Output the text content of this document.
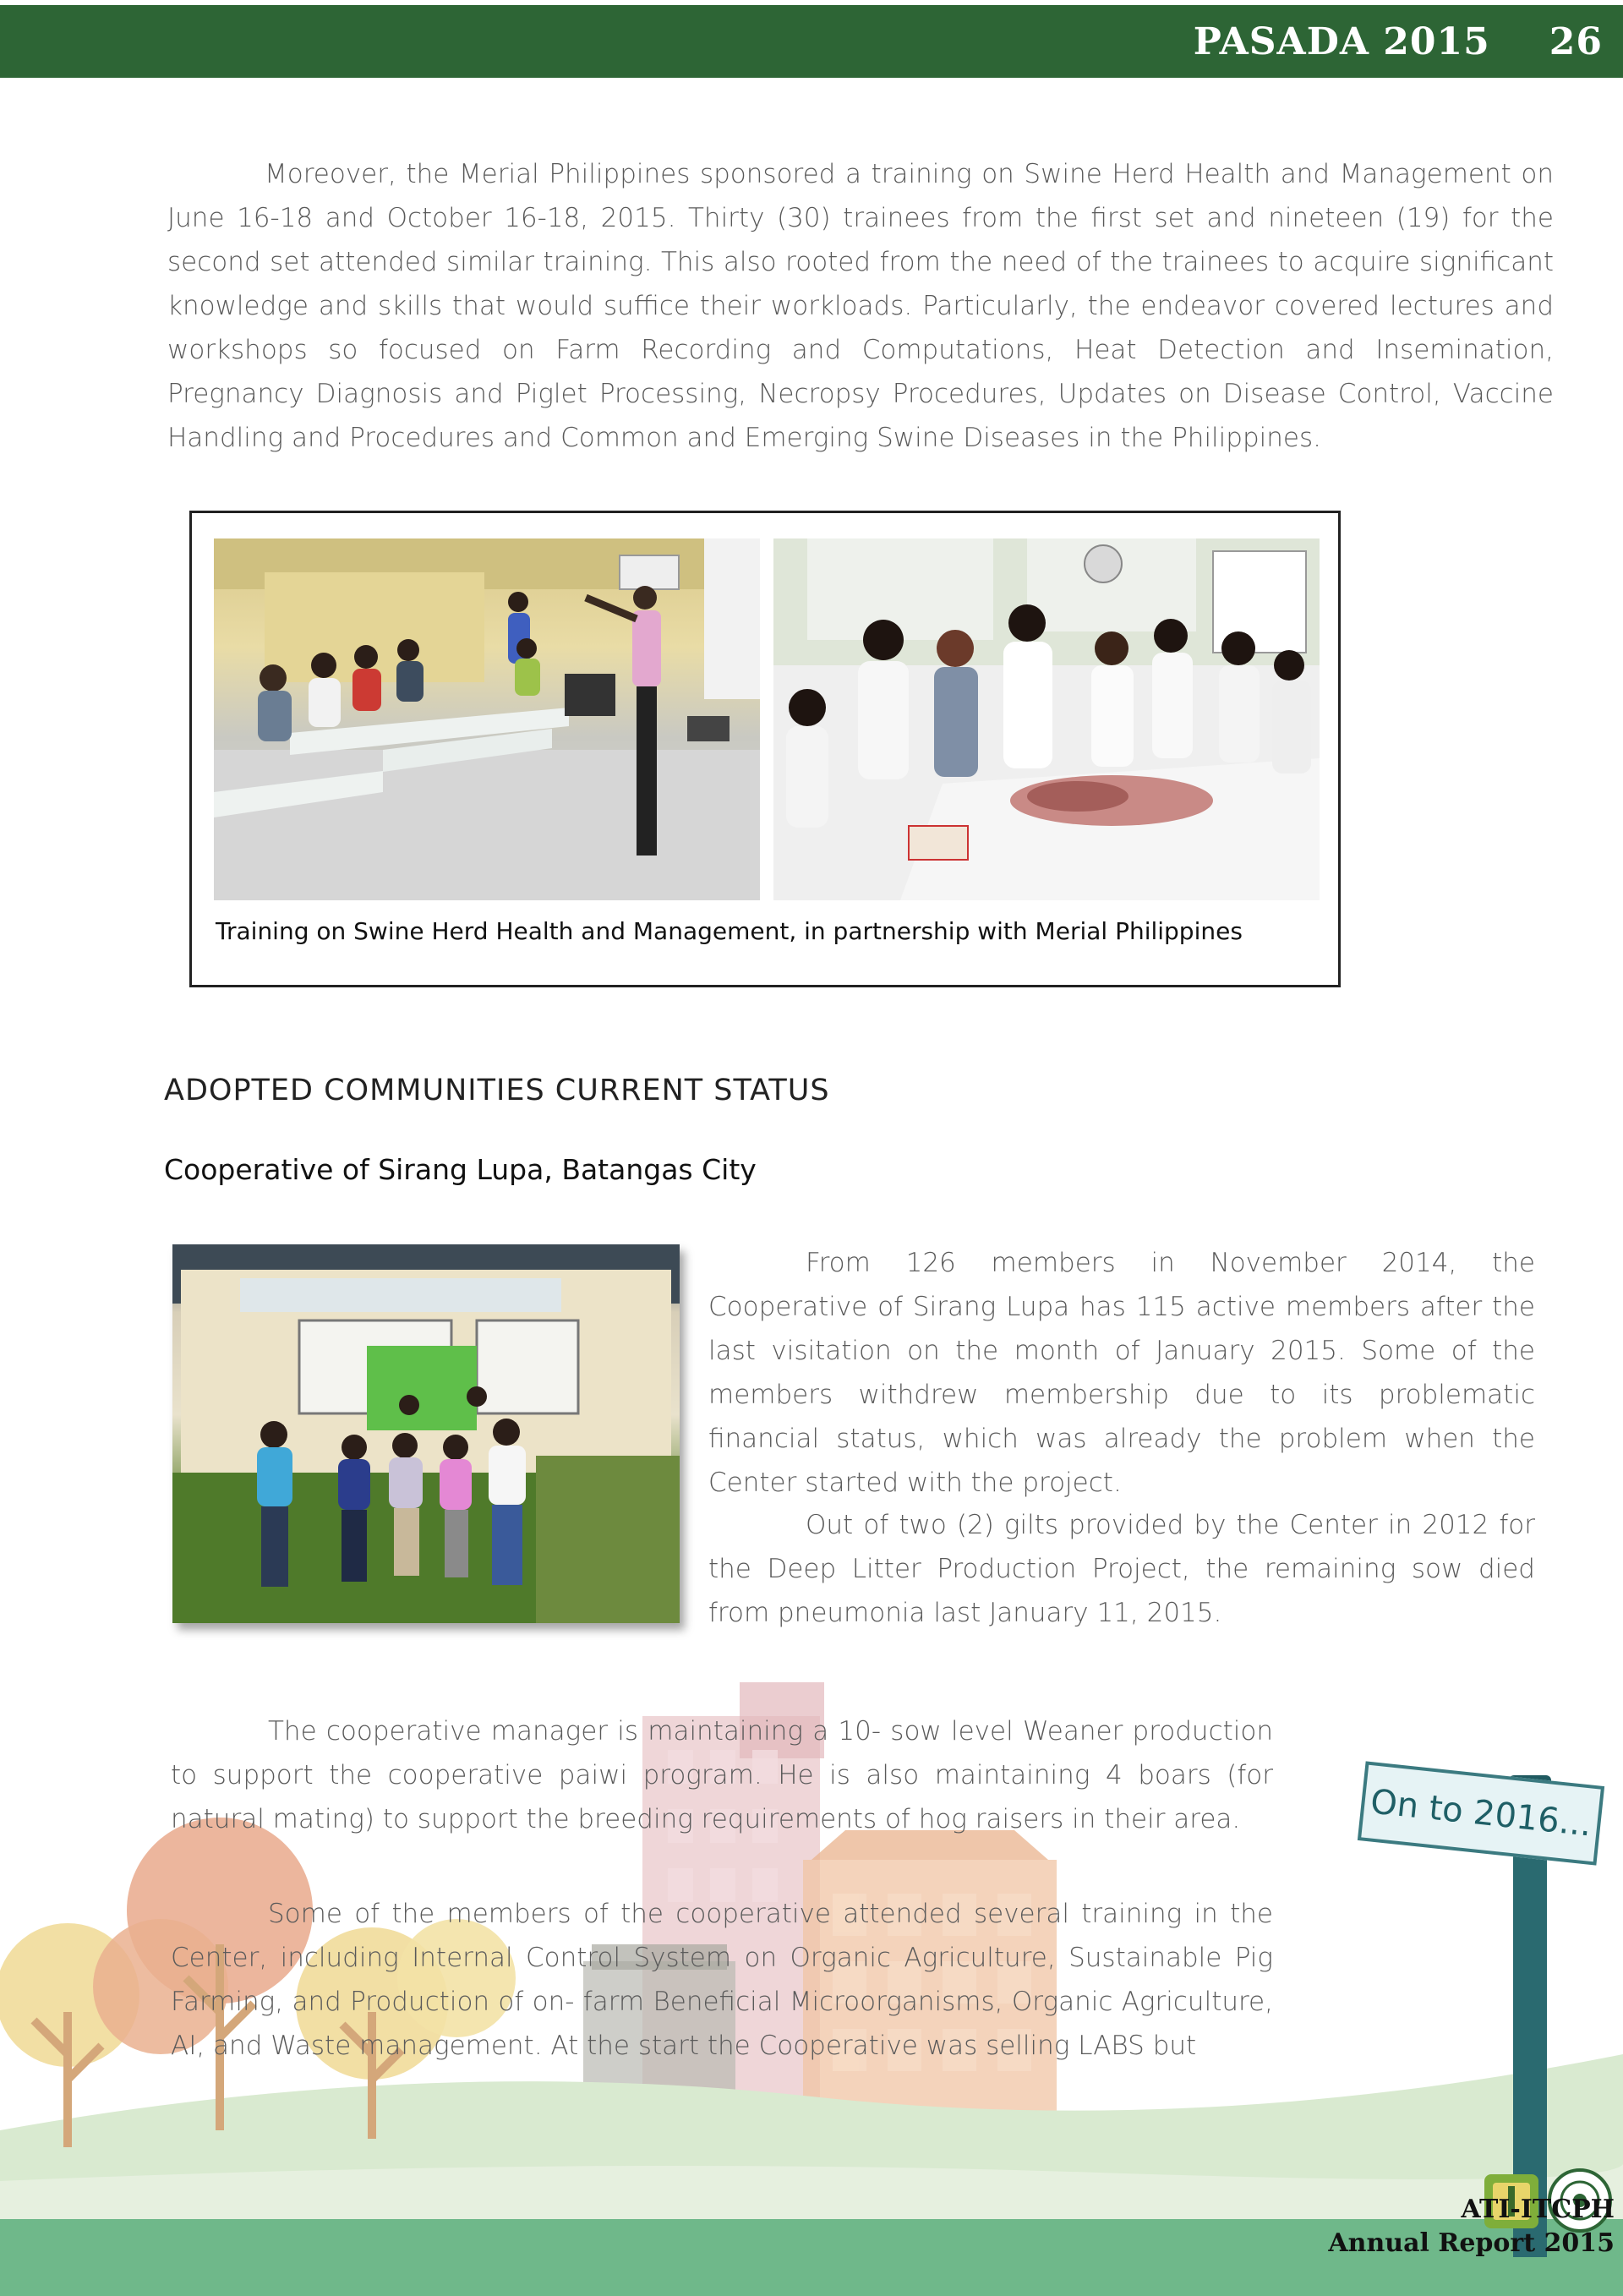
PASADA 2015 26

Moreover, the Merial Philippines sponsored a training on Swine Herd Health and Management on June 16-18 and October 16-18, 2015. Thirty (30) trainees from the first set and nineteen (19) for the second set attended similar training. This also rooted from the need of the trainees to acquire significant knowledge and skills that would suffice their workloads. Particularly, the endeavor covered lectures and workshops so focused on Farm Recording and Computations, Heat Detection and Insemination, Pregnancy Diagnosis and Piglet Processing, Necropsy Procedures, Updates on Disease Control, Vaccine Handling and Procedures and Common and Emerging Swine Diseases in the Philippines.

Training on Swine Herd Health and Management, in partnership with Merial Philippines
ADOPTED COMMUNITIES CURRENT STATUS
Cooperative of Sirang Lupa, Batangas City

From 126 members in November 2014, the Cooperative of Sirang Lupa has 115 active members after the last visitation on the month of January 2015. Some of the members withdrew membership due to its problematic financial status, which was already the problem when the Center started with the project.

Out of two (2) gilts provided by the Center in 2012 for the Deep Litter Production Project, the remaining sow died from pneumonia last January 11, 2015.

The cooperative manager is maintaining a 10- sow level Weaner production to support the cooperative paiwi program. He is also maintaining 4 boars (for natural mating) to support the breeding requirements of hog raisers in their area.

Some of the members of the cooperative attended several training in the Center, including Internal Control System on Organic Agriculture, Sustainable Pig Farming, and Production of on- farm Beneficial Microorganisms, Organic Agriculture, AI, and Waste management. At the start the Cooperative was selling LABS but

On to 2016...
ATI-ITCPH
Annual Report 2015
